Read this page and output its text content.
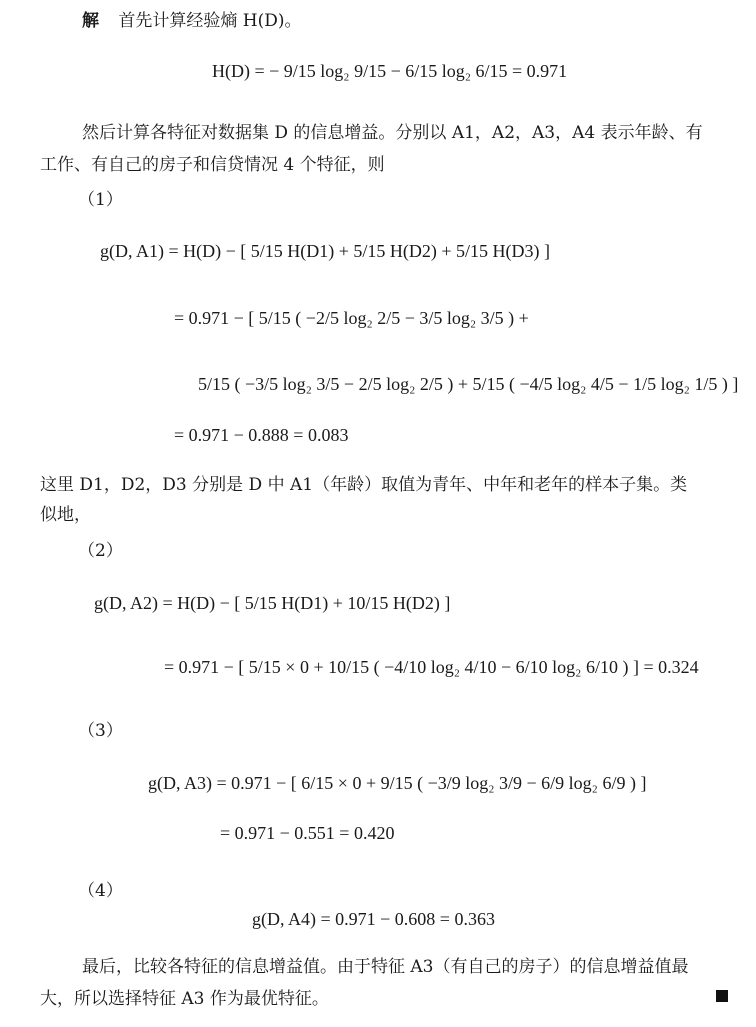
解 首先计算经验熵 H(D)。
H(D) = − 9/15 log₂ 9/15 − 6/15 log₂ 6/15 = 0.971
然后计算各特征对数据集 D 的信息增益。分别以 A1，A2，A3，A4 表示年龄、有
工作、有自己的房子和信贷情况 4 个特征，则
（1）
g(D, A1) = H(D) − [ 5/15 H(D1) + 5/15 H(D2) + 5/15 H(D3) ]
= 0.971 − [ 5/15 ( −2/5 log₂ 2/5 − 3/5 log₂ 3/5 ) +
5/15 ( −3/5 log₂ 3/5 − 2/5 log₂ 2/5 ) + 5/15 ( −4/5 log₂ 4/5 − 1/5 log₂ 1/5 ) ]
= 0.971 − 0.888 = 0.083
这里 D1，D2，D3 分别是 D 中 A1（年龄）取值为青年、中年和老年的样本子集。类
似地，
（2）
g(D, A2) = H(D) − [ 5/15 H(D1) + 10/15 H(D2) ]
= 0.971 − [ 5/15 × 0 + 10/15 ( −4/10 log₂ 4/10 − 6/10 log₂ 6/10 ) ] = 0.324
（3）
g(D, A3) = 0.971 − [ 6/15 × 0 + 9/15 ( −3/9 log₂ 3/9 − 6/9 log₂ 6/9 ) ]
= 0.971 − 0.551 = 0.420
（4）
g(D, A4) = 0.971 − 0.608 = 0.363
最后，比较各特征的信息增益值。由于特征 A3（有自己的房子）的信息增益值最
大，所以选择特征 A3 作为最优特征。
